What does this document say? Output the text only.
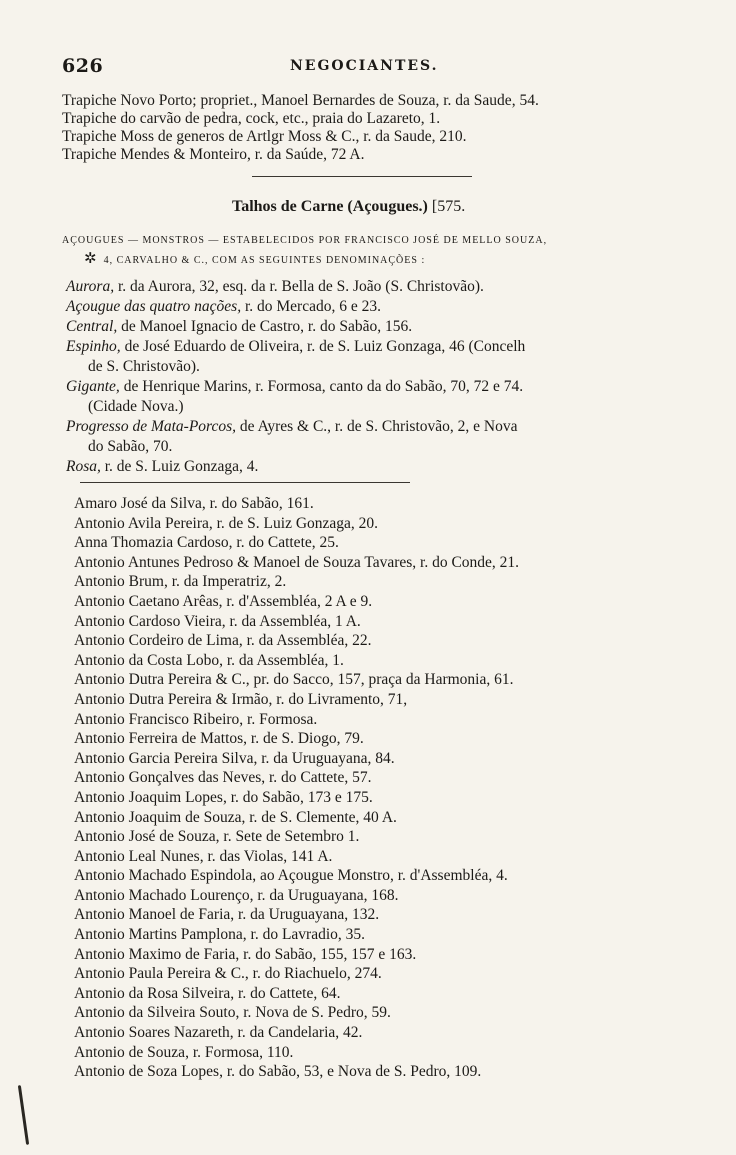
626	NEGOCIANTES.
Trapiche Novo Porto; propriet., Manoel Bernardes de Souza, r. da Saude, 54.
Trapiche do carvão de pedra, cock, etc., praia do Lazareto, 1.
Trapiche Moss de generos de Artlgr Moss & C., r. da Saude, 210.
Trapiche Mendes & Monteiro, r. da Saúde, 72 A.
Talhos de Carne (Açougues.) [575.
AÇOUGUES — MONSTROS — ESTABELECIDOS POR FRANCISCO JOSÉ DE MELLO SOUZA,
✲ 4, CARVALHO & C., COM AS SEGUINTES DENOMINAÇÕES :
Aurora, r. da Aurora, 32, esq. da r. Bella de S. João (S. Christovão).
Açougue das quatro nações, r. do Mercado, 6 e 23.
Central, de Manoel Ignacio de Castro, r. do Sabão, 156.
Espinho, de José Eduardo de Oliveira, r. de S. Luiz Gonzaga, 46 (Concelh
de S. Christovão).
Gigante, de Henrique Marins, r. Formosa, canto da do Sabão, 70, 72 e 74.
(Cidade Nova.)
Progresso de Mata-Porcos, de Ayres & C., r. de S. Christovão, 2, e Nova
do Sabão, 70.
Rosa, r. de S. Luiz Gonzaga, 4.
Amaro José da Silva, r. do Sabão, 161.
Antonio Avila Pereira, r. de S. Luiz Gonzaga, 20.
Anna Thomazia Cardoso, r. do Cattete, 25.
Antonio Antunes Pedroso & Manoel de Souza Tavares, r. do Conde, 21.
Antonio Brum, r. da Imperatriz, 2.
Antonio Caetano Arêas, r. d'Assembléa, 2 A e 9.
Antonio Cardoso Vieira, r. da Assembléa, 1 A.
Antonio Cordeiro de Lima, r. da Assembléa, 22.
Antonio da Costa Lobo, r. da Assembléa, 1.
Antonio Dutra Pereira & C., pr. do Sacco, 157, praça da Harmonia, 61.
Antonio Dutra Pereira & Irmão, r. do Livramento, 71,
Antonio Francisco Ribeiro, r. Formosa.
Antonio Ferreira de Mattos, r. de S. Diogo, 79.
Antonio Garcia Pereira Silva, r. da Uruguayana, 84.
Antonio Gonçalves das Neves, r. do Cattete, 57.
Antonio Joaquim Lopes, r. do Sabão, 173 e 175.
Antonio Joaquim de Souza, r. de S. Clemente, 40 A.
Antonio José de Souza, r. Sete de Setembro 1.
Antonio Leal Nunes, r. das Violas, 141 A.
Antonio Machado Espindola, ao Açougue Monstro, r. d'Assembléa, 4.
Antonio Machado Lourenço, r. da Uruguayana, 168.
Antonio Manoel de Faria, r. da Uruguayana, 132.
Antonio Martins Pamplona, r. do Lavradio, 35.
Antonio Maximo de Faria, r. do Sabão, 155, 157 e 163.
Antonio Paula Pereira & C., r. do Riachuelo, 274.
Antonio da Rosa Silveira, r. do Cattete, 64.
Antonio da Silveira Souto, r. Nova de S. Pedro, 59.
Antonio Soares Nazareth, r. da Candelaria, 42.
Antonio de Souza, r. Formosa, 110.
Antonio de Soza Lopes, r. do Sabão, 53, e Nova de S. Pedro, 109.
